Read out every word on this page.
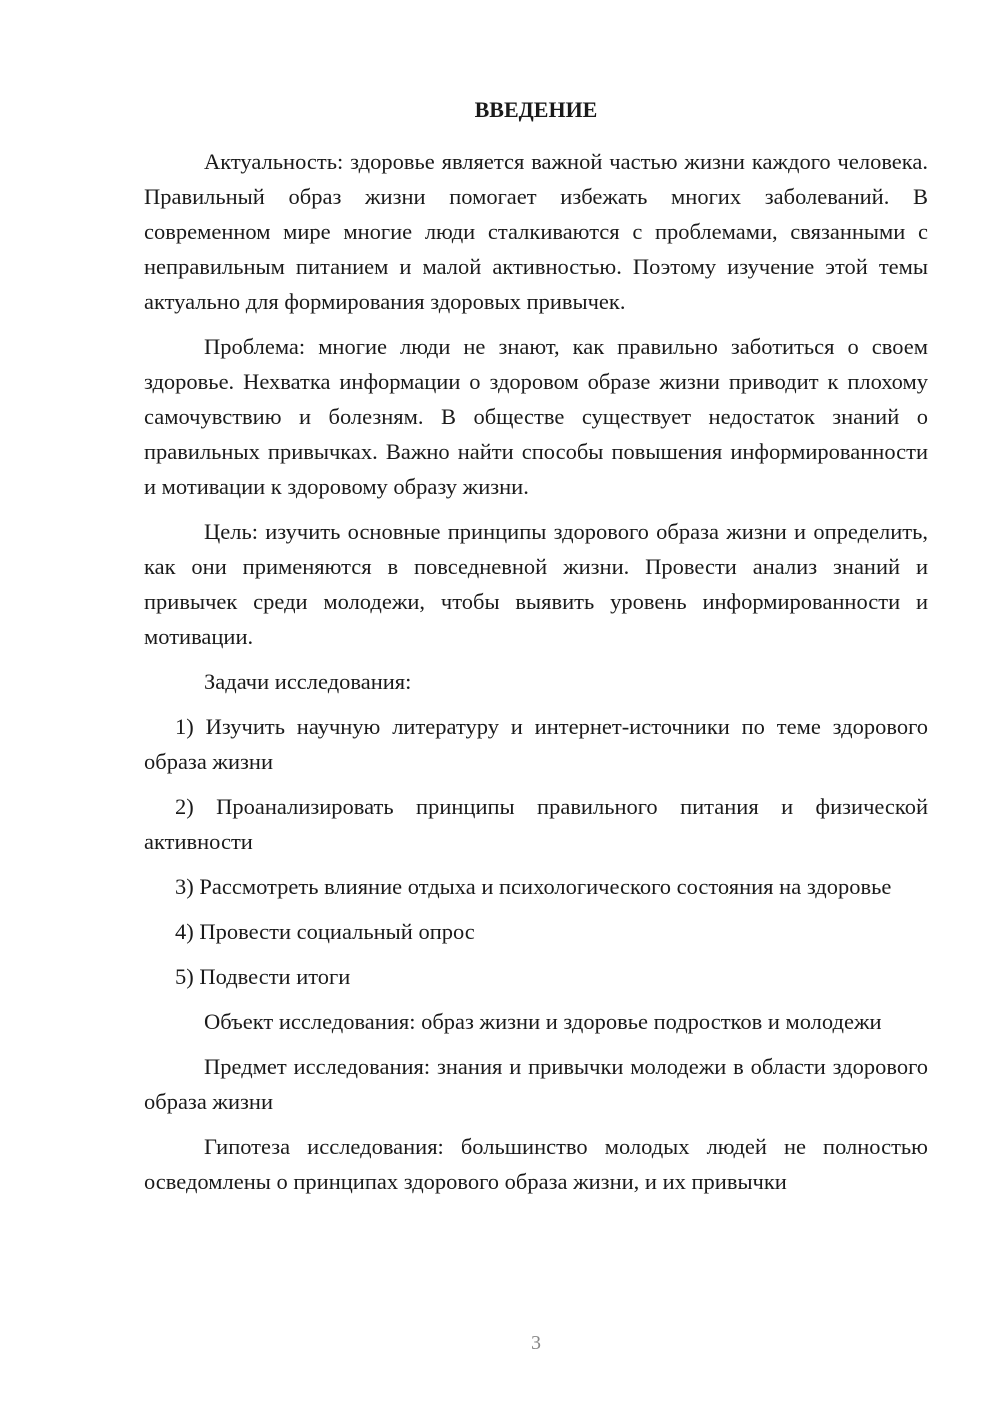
ВВЕДЕНИЕ

Актуальность: здоровье является важной частью жизни каждого человека. Правильный образ жизни помогает избежать многих заболеваний. В современном мире многие люди сталкиваются с проблемами, связанными с неправильным питанием и малой активностью. Поэтому изучение этой темы актуально для формирования здоровых привычек.

Проблема: многие люди не знают, как правильно заботиться о своем здоровье. Нехватка информации о здоровом образе жизни приводит к плохому самочувствию и болезням. В обществе существует недостаток знаний о правильных привычках. Важно найти способы повышения информированности и мотивации к здоровому образу жизни.

Цель: изучить основные принципы здорового образа жизни и определить, как они применяются в повседневной жизни. Провести анализ знаний и привычек среди молодежи, чтобы выявить уровень информированности и мотивации.

Задачи исследования:

1) Изучить научную литературу и интернет-источники по теме здорового образа жизни

2) Проанализировать принципы правильного питания и физической активности

3) Рассмотреть влияние отдыха и психологического состояния на здоровье

4) Провести социальный опрос

5) Подвести итоги

Объект исследования: образ жизни и здоровье подростков и молодежи

Предмет исследования: знания и привычки молодежи в области здорового образа жизни

Гипотеза исследования: большинство молодых людей не полностью осведомлены о принципах здорового образа жизни, и их привычки

3
